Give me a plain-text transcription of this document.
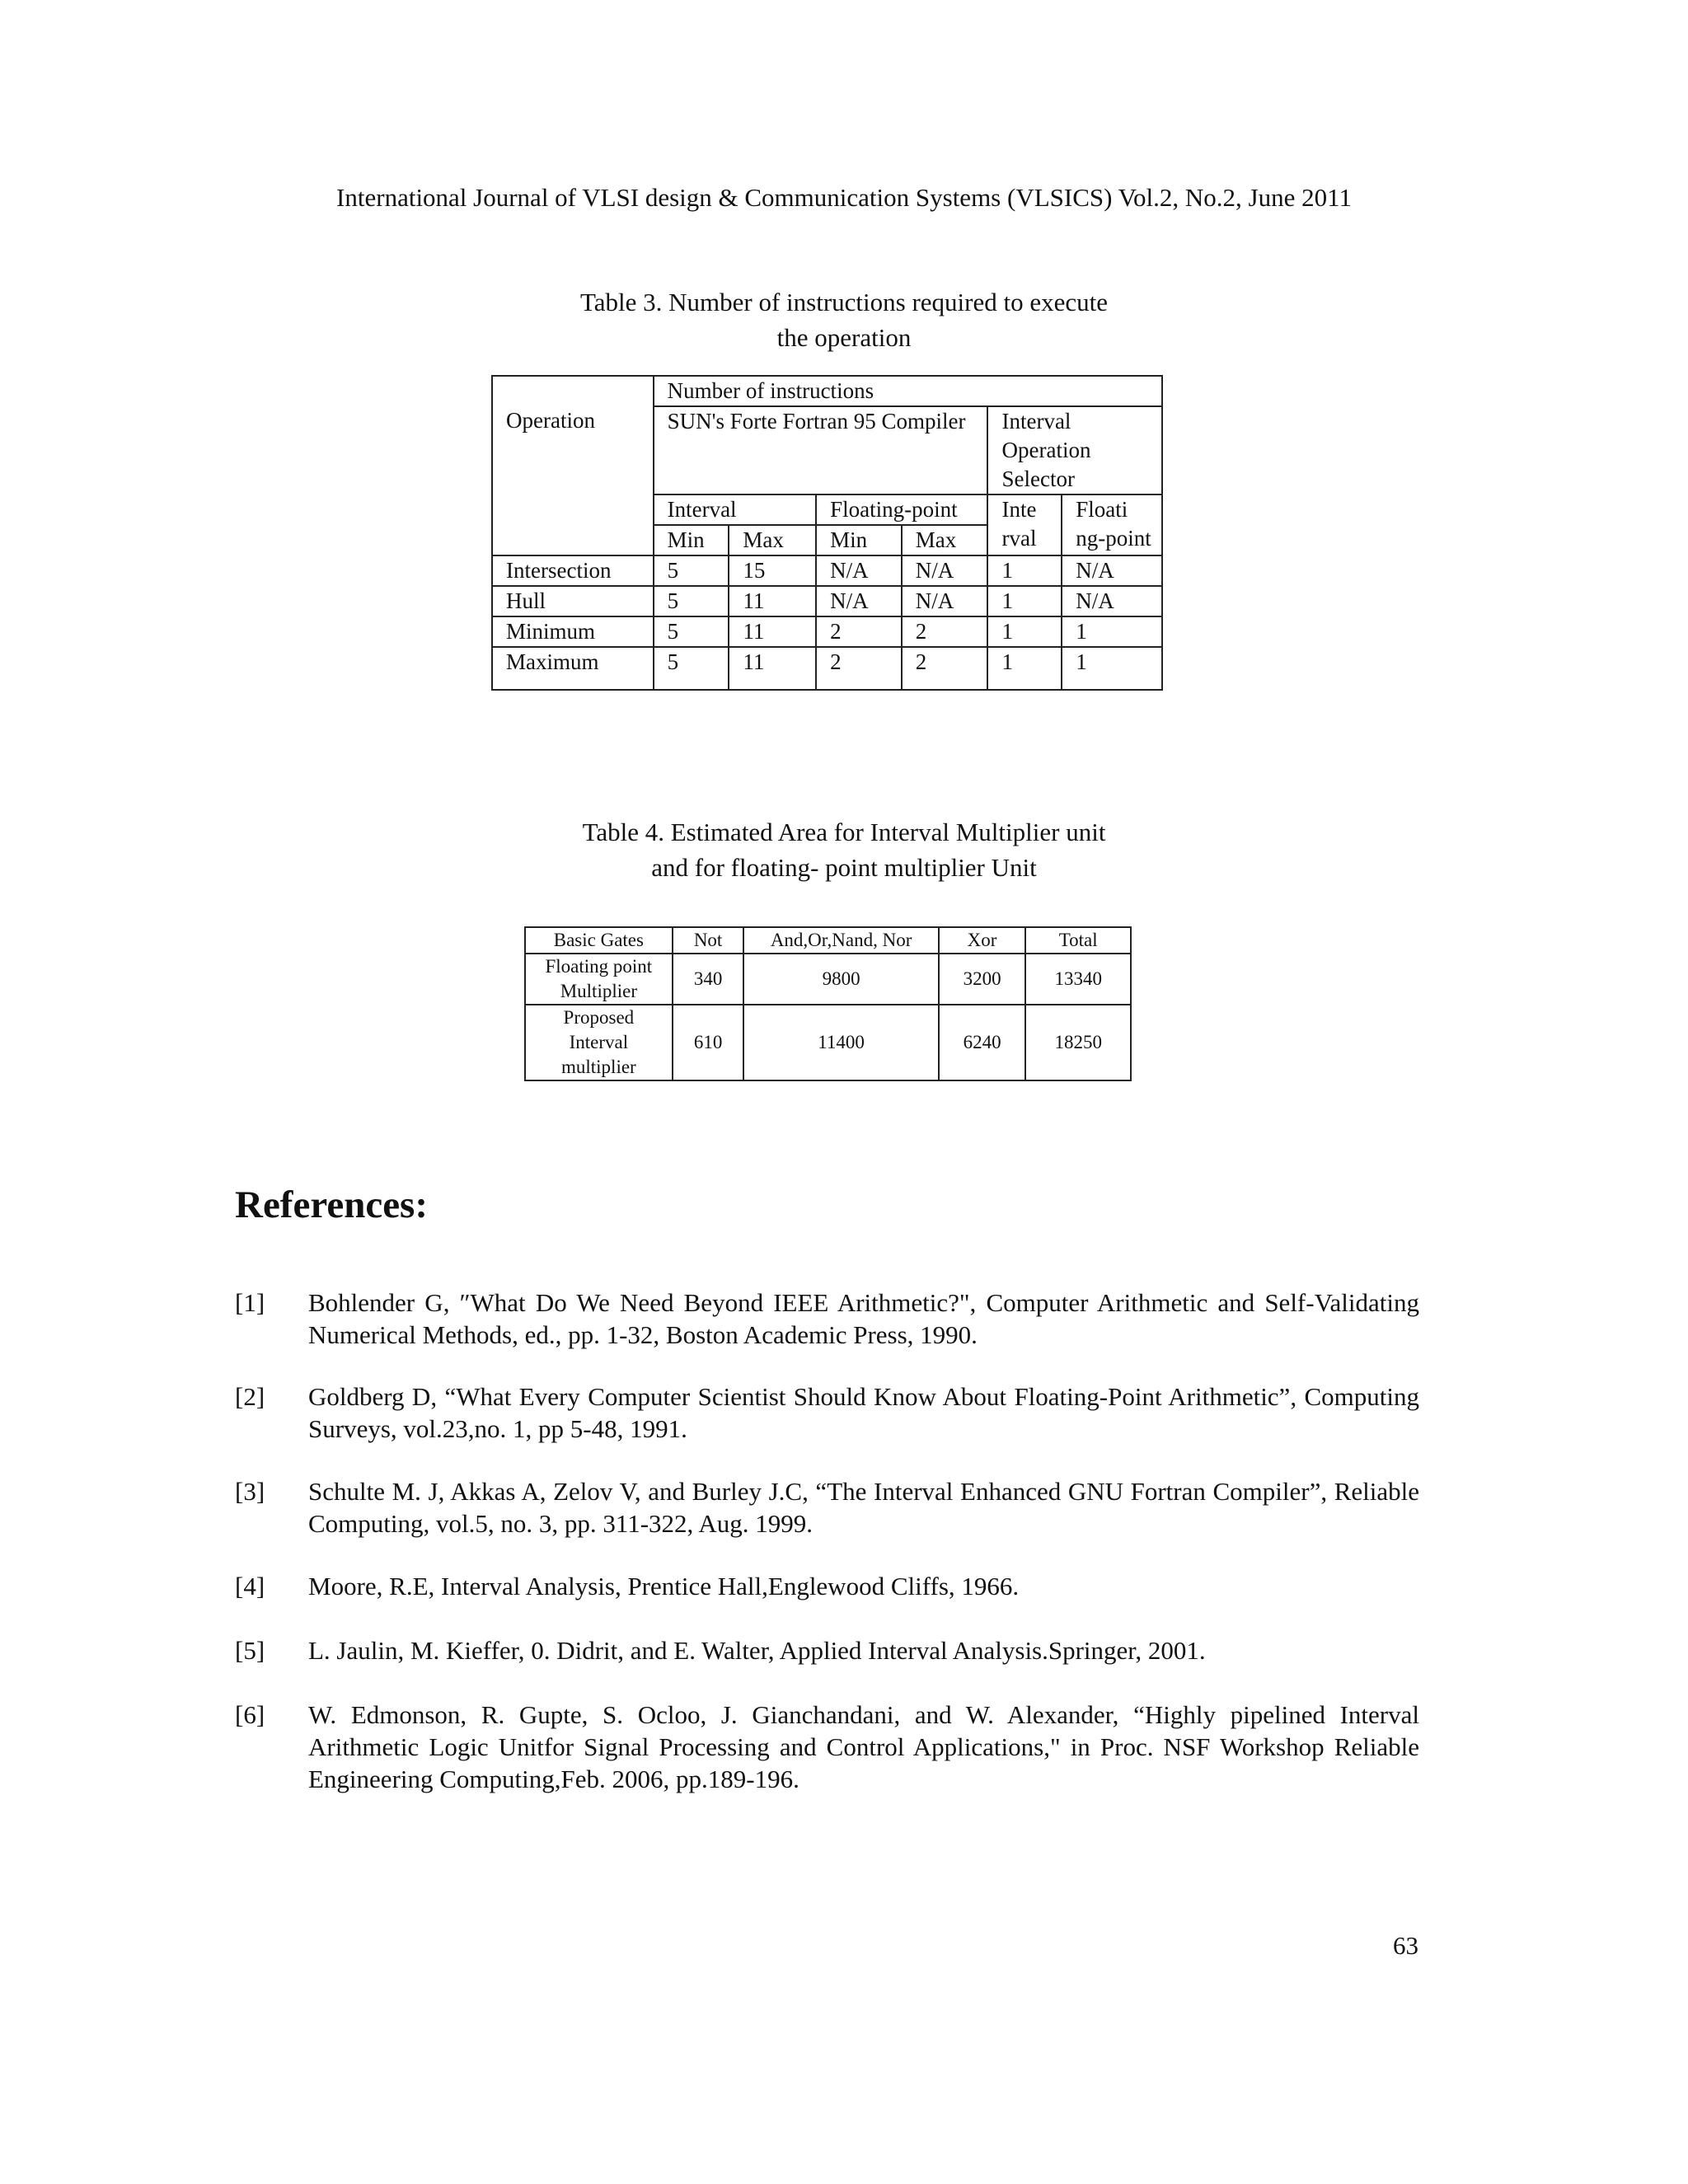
International Journal of VLSI design & Communication Systems (VLSICS) Vol.2, No.2, June 2011
Table 3. Number of instructions required to execute
the operation
Operation	Number of instructions					
	SUN's Forte Fortran 95 Compiler				Interval Operation Selector	
	Interval		Floating-point		Inte rval	Floati ng-point
	Min	Max	Min	Max		
Intersection	5	15	N/A	N/A	1	N/A
Hull	5	11	N/A	N/A	1	N/A
Minimum	5	11	2	2	1	1
Maximum	5	11	2	2	1	1
Table 4. Estimated Area for Interval Multiplier unit
and for floating- point multiplier Unit
Basic Gates	Not	And,Or,Nand, Nor	Xor	Total
Floating point Multiplier	340	9800	3200	13340
Proposed Interval multiplier	610	11400	6240	18250
References:
[1] Bohlender G, ″What Do We Need Beyond IEEE Arithmetic?", Computer Arithmetic and Self-Validating Numerical Methods, ed., pp. 1-32, Boston Academic Press, 1990.
[2] Goldberg D, “What Every Computer Scientist Should Know About Floating-Point Arithmetic”, Computing Surveys, vol.23,no. 1, pp 5-48, 1991.
[3] Schulte M. J, Akkas A, Zelov V, and Burley J.C, “The Interval Enhanced GNU Fortran Compiler”, Reliable Computing, vol.5, no. 3, pp. 311-322, Aug. 1999.
[4] Moore, R.E, Interval Analysis, Prentice Hall,Englewood Cliffs, 1966.
[5] L. Jaulin, M. Kieffer, 0. Didrit, and E. Walter, Applied Interval Analysis.Springer, 2001.
[6] W. Edmonson, R. Gupte, S. Ocloo, J. Gianchandani, and W. Alexander, “Highly pipelined Interval Arithmetic Logic Unitfor Signal Processing and Control Applications," in Proc. NSF Workshop Reliable Engineering Computing,Feb. 2006, pp.189-196.
63
